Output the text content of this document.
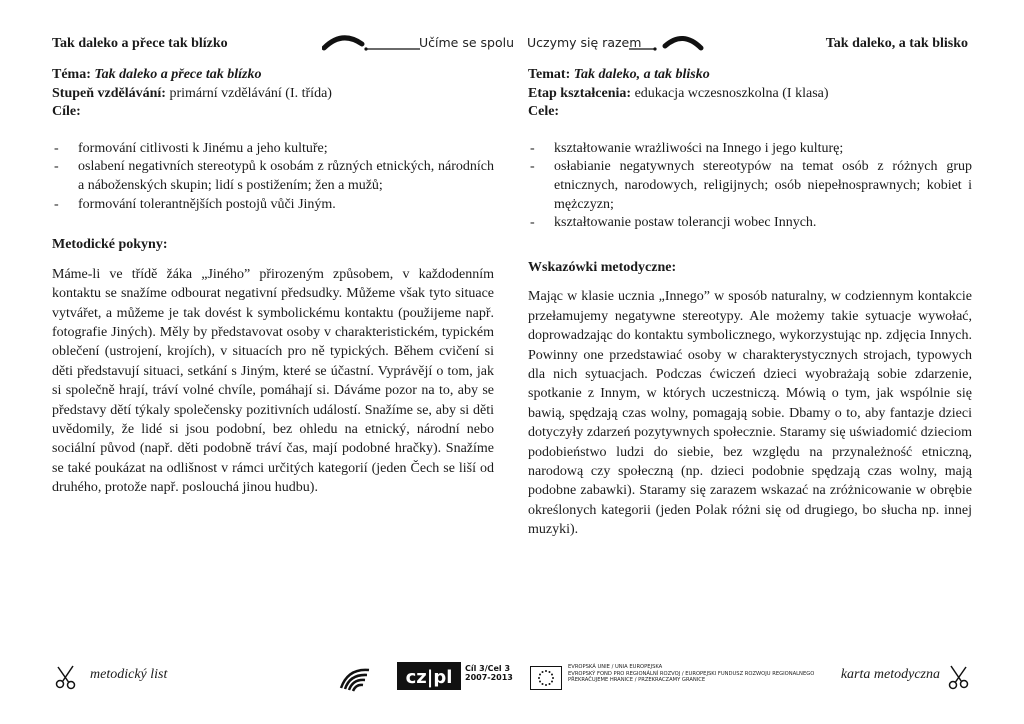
Tak daleko a přece tak blízko	Učíme se spolu Uczymy się razem	Tak daleko, a tak blisko
Téma: Tak daleko a přece tak blízko
Stupeň vzdělávání: primární vzdělávání (I. třída)
Cíle:
- formování citlivosti k Jinému a jeho kultuře;
- oslabení negativních stereotypů k osobám z různých etnických, národních a náboženských skupin; lidí s postižením; žen a mužů;
- formování tolerantnějších postojů vůči Jiným.
Metodické pokyny:

Máme-li ve třídě žáka „Jiného” přirozeným způsobem, v každodenním kontaktu se snažíme odbourat negativní předsudky. Můžeme však tyto situace vytvářet, a můžeme je tak dovést k symbolickému kontaktu (použijeme např. fotografie Jiných). Měly by představovat osoby v charakteristickém, typickém oblečení (ustrojení, krojích), v situacích pro ně typických. Během cvičení si děti představují situaci, setkání s Jiným, které se účastní. Vyprávějí o tom, jak si společně hrají, tráví volné chvíle, pomáhají si. Dáváme pozor na to, aby se představy dětí týkaly společensky pozitivních událostí. Snažíme se, aby si děti uvědomily, že lidé si jsou podobní, bez ohledu na etnický, národní nebo sociální původ (např. děti podobně tráví čas, mají podobné hračky). Snažíme se také poukázat na odlišnost v rámci určitých kategorií (jeden Čech se liší od druhého, protože např. poslouchá jinou hudbu).

Temat: Tak daleko, a tak blisko
Etap kształcenia: edukacja wczesnoszkolna (I klasa)
Cele:
- kształtowanie wrażliwości na Innego i jego kulturę;
- osłabianie negatywnych stereotypów na temat osób z różnych grup etnicznych, narodowych, religijnych; osób niepełnosprawnych; kobiet i mężczyzn;
- kształtowanie postaw tolerancji wobec Innych.
Wskazówki metodyczne:

Mając w klasie ucznia „Innego” w sposób naturalny, w codziennym kontakcie przełamujemy negatywne stereotypy. Ale możemy takie sytuacje wywołać, doprowadzając do kontaktu symbolicznego, wykorzystując np. zdjęcia Innych. Powinny one przedstawiać osoby w charakterystycznych strojach, typowych dla nich sytuacjach. Podczas ćwiczeń dzieci wyobrażają sobie zdarzenie, spotkanie z Innym, w których uczestniczą. Mówią o tym, jak wspólnie się bawią, spędzają czas wolny, pomagają sobie. Dbamy o to, aby fantazje dzieci dotyczyły zdarzeń pozytywnych społecznie. Staramy się uświadomić dzieciom podobieństwo ludzi do siebie, bez względu na przynależność etniczną, narodową czy społeczną (np. dzieci podobnie spędzają czas wolny, mają podobne zabawki). Staramy się zarazem wskazać na zróżnicowanie w obrębie określonych kategorii (jeden Polak różni się od drugiego, bo słucha np. innej muzyki).

metodický list	cz|pl Cíl 3/Cel 3
2007-2013
EVROPSKÁ UNIE / UNIA EUROPEJSKA
EVROPSKÝ FOND PRO REGIONÁLNÍ ROZVOJ / EUROPEJSKI FUNDUSZ ROZWOJU REGIONALNEGO
PŘEKRAČUJEME HRANICE / PRZEKRACZAMY GRANICE	karta metodyczna
